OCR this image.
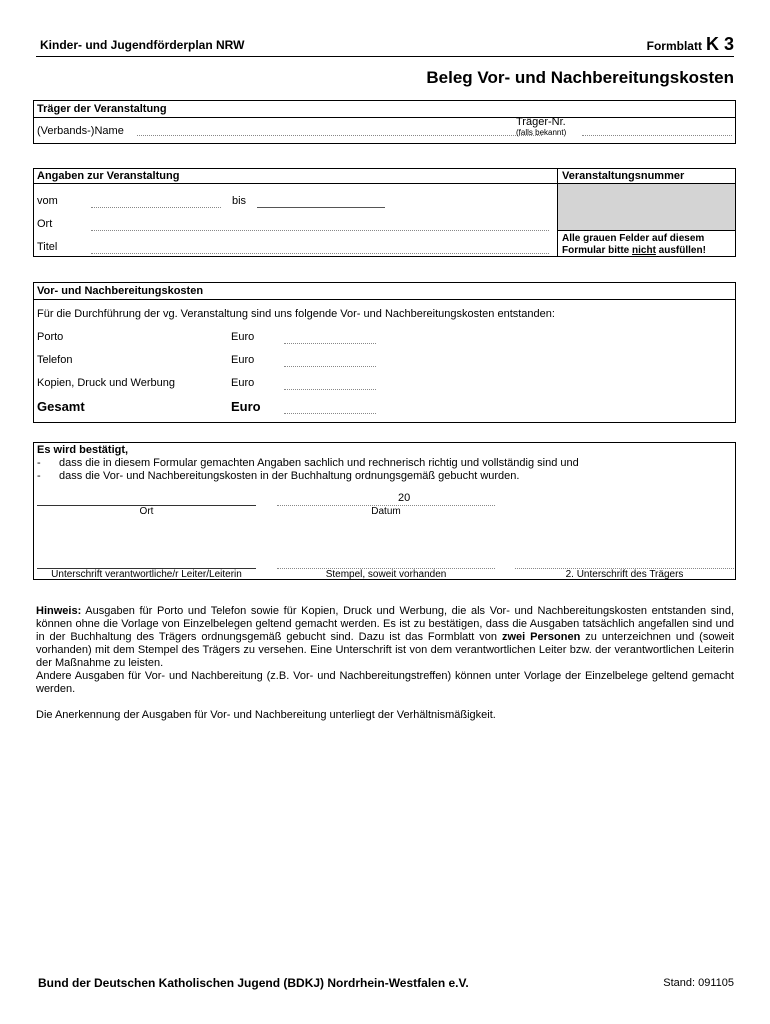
Kinder- und Jugendförderplan NRW	Formblatt K 3
Beleg Vor- und Nachbereitungskosten
Träger der Veranstaltung
(Verbands-)Name
Träger-Nr.
(falls bekannt)
Angaben zur Veranstaltung	Veranstaltungsnummer
vom	bis
Ort
Titel
Alle grauen Felder auf diesem
Formular bitte nicht ausfüllen!
Vor- und Nachbereitungskosten
Für die Durchführung der vg. Veranstaltung sind uns folgende Vor- und Nachbereitungskosten entstanden:
Porto	Euro
Telefon	Euro
Kopien, Druck und Werbung	Euro
Gesamt	Euro
Es wird bestätigt,
- dass die in diesem Formular gemachten Angaben sachlich und rechnerisch richtig und vollständig sind und
- dass die Vor- und Nachbereitungskosten in der Buchhaltung ordnungsgemäß gebucht wurden.
Ort
20
Datum
Unterschrift verantwortliche/r Leiter/Leiterin	Stempel, soweit vorhanden	2. Unterschrift des Trägers
Hinweis: Ausgaben für Porto und Telefon sowie für Kopien, Druck und Werbung, die als Vor- und Nachbereitungskosten entstanden sind, können ohne die Vorlage von Einzelbelegen geltend gemacht werden. Es ist zu bestätigen, dass die Ausgaben tatsächlich angefallen sind und in der Buchhaltung des Trägers ordnungsgemäß gebucht sind. Dazu ist das Formblatt von zwei Personen zu unterzeichnen und (soweit vorhanden) mit dem Stempel des Trägers zu versehen. Eine Unterschrift ist von dem verantwortlichen Leiter bzw. der verantwortlichen Leiterin der Maßnahme zu leisten.
Andere Ausgaben für Vor- und Nachbereitung (z.B. Vor- und Nachbereitungstreffen) können unter Vorlage der Einzelbelege geltend gemacht werden.
Die Anerkennung der Ausgaben für Vor- und Nachbereitung unterliegt der Verhältnismäßigkeit.
Bund der Deutschen Katholischen Jugend (BDKJ) Nordrhein-Westfalen e.V.	Stand: 091105
